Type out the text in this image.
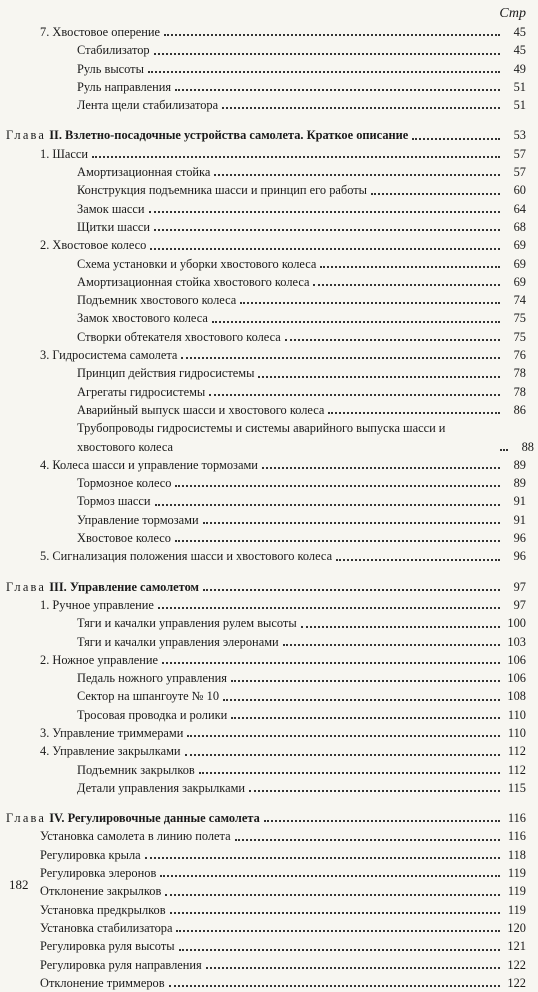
Стр
7. Хвостовое оперение	45
Стабилизатор	45
Руль высоты	49
Руль направления	51
Лента щели стабилизатора	51
Глава II. Взлетно-посадочные устройства самолета. Краткое описание	53
1. Шасси	57
Амортизационная стойка	57
Конструкция подъемника шасси и принцип его работы	60
Замок шасси	64
Щитки шасси	68
2. Хвостовое колесо	69
Схема установки и уборки хвостового колеса	69
Амортизационная стойка хвостового колеса	69
Подъемник хвостового колеса	74
Замок хвостового колеса	75
Створки обтекателя хвостового колеса	75
3. Гидросистема самолета	76
Принцип действия гидросистемы	78
Агрегаты гидросистемы	78
Аварийный выпуск шасси и хвостового колеса	86
Трубопроводы гидросистемы и системы аварийного выпуска шасси и хвостового колеса	88
4. Колеса шасси и управление тормозами	89
Тормозное колесо	89
Тормоз шасси	91
Управление тормозами	91
Хвостовое колесо	96
5. Сигнализация положения шасси и хвостового колеса	96
Глава III. Управление самолетом	97
1. Ручное управление	97
Тяги и качалки управления рулем высоты	100
Тяги и качалки управления элеронами	103
2. Ножное управление	106
Педаль ножного управления	106
Сектор на шпангоуте № 10	108
Тросовая проводка и ролики	110
3. Управление триммерами	110
4. Управление закрылками	112
Подъемник закрылков	112
Детали управления закрылками	115
Глава IV. Регулировочные данные самолета	116
Установка самолета в линию полета	116
Регулировка крыла	118
Регулировка элеронов	119
Отклонение закрылков	119
Установка предкрылков	119
Установка стабилизатора	120
Регулировка руля высоты	121
Регулировка руля направления	122
Отклонение триммеров	122
182
